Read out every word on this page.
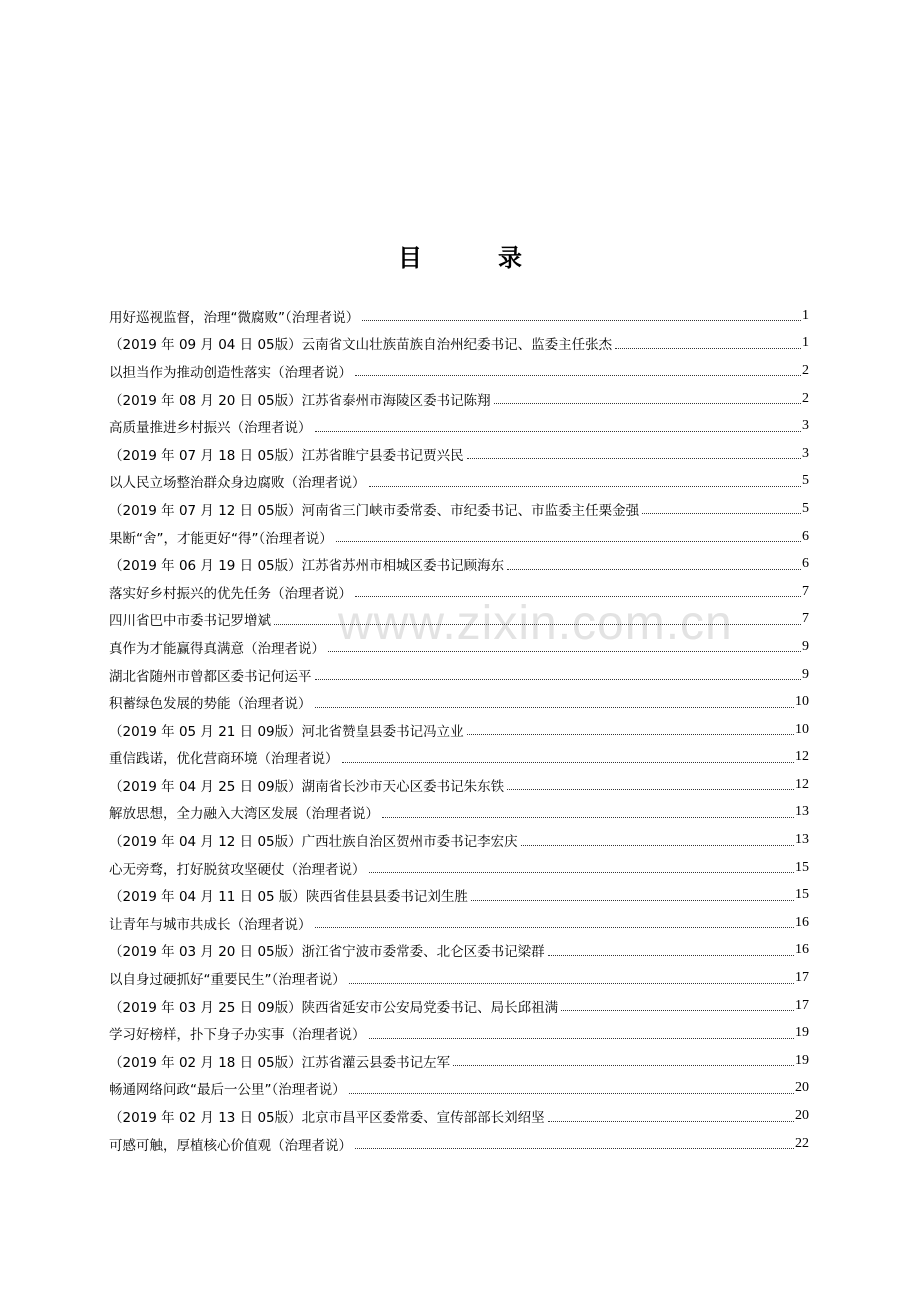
www.zixin.com.cn
目　录
用好巡视监督，治理“微腐败”（治理者说）	1
（2019 年 09 月 04 日 05版）云南省文山壮族苗族自治州纪委书记、监委主任张杰	1
以担当作为推动创造性落实（治理者说）	2
（2019 年 08 月 20 日 05版）江苏省泰州市海陵区委书记陈翔	2
高质量推进乡村振兴（治理者说）	3
（2019 年 07 月 18 日 05版）江苏省睢宁县委书记贾兴民	3
以人民立场整治群众身边腐败（治理者说）	5
（2019 年 07 月 12 日 05版）河南省三门峡市委常委、市纪委书记、市监委主任栗金强	5
果断“舍”，才能更好“得”（治理者说）	6
（2019 年 06 月 19 日 05版）江苏省苏州市相城区委书记顾海东	6
落实好乡村振兴的优先任务（治理者说）	7
四川省巴中市委书记罗增斌	7
真作为才能赢得真满意（治理者说）	9
湖北省随州市曾都区委书记何运平	9
积蓄绿色发展的势能（治理者说）	10
（2019 年 05 月 21 日 09版）河北省赞皇县委书记冯立业	10
重信践诺，优化营商环境（治理者说）	12
（2019 年 04 月 25 日 09版）湖南省长沙市天心区委书记朱东铁	12
解放思想，全力融入大湾区发展（治理者说）	13
（2019 年 04 月 12 日 05版）广西壮族自治区贺州市委书记李宏庆	13
心无旁骛，打好脱贫攻坚硬仗（治理者说）	15
（2019 年 04 月 11 日 05 版）陕西省佳县县委书记刘生胜	15
让青年与城市共成长（治理者说）	16
（2019 年 03 月 20 日 05版）浙江省宁波市委常委、北仑区委书记梁群	16
以自身过硬抓好“重要民生”（治理者说）	17
（2019 年 03 月 25 日 09版）陕西省延安市公安局党委书记、局长邱祖满	17
学习好榜样，扑下身子办实事（治理者说）	19
（2019 年 02 月 18 日 05版）江苏省灌云县委书记左军	19
畅通网络问政“最后一公里”（治理者说）	20
（2019 年 02 月 13 日 05版）北京市昌平区委常委、宣传部部长刘绍坚	20
可感可触，厚植核心价值观（治理者说）	22
